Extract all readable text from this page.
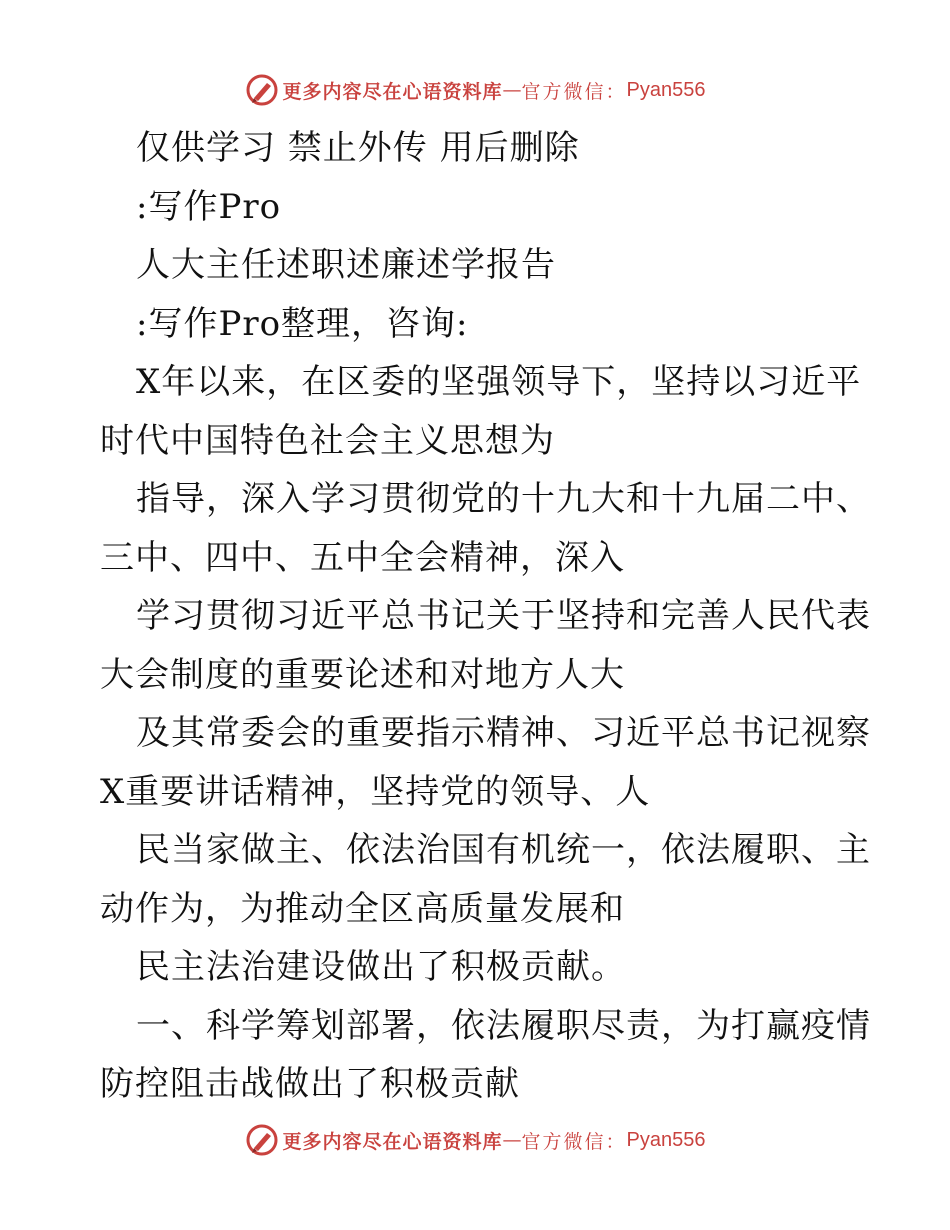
更多内容尽在心语资料库 — 官方微信： Pyan556
仅供学习 禁止外传 用后删除
:写作Pro
人大主任述职述廉述学报告
:写作Pro整理，咨询:
X年以来，在区委的坚强领导下，坚持以习近平
时代中国特色社会主义思想为
指导，深入学习贯彻党的十九大和十九届二中、
三中、四中、五中全会精神，深入
学习贯彻习近平总书记关于坚持和完善人民代表
大会制度的重要论述和对地方人大
及其常委会的重要指示精神、习近平总书记视察
X重要讲话精神，坚持党的领导、人
民当家做主、依法治国有机统一，依法履职、主
动作为，为推动全区高质量发展和
民主法治建设做出了积极贡献。
一、科学筹划部署，依法履职尽责，为打赢疫情
防控阻击战做出了积极贡献
更多内容尽在心语资料库 — 官方微信： Pyan556
